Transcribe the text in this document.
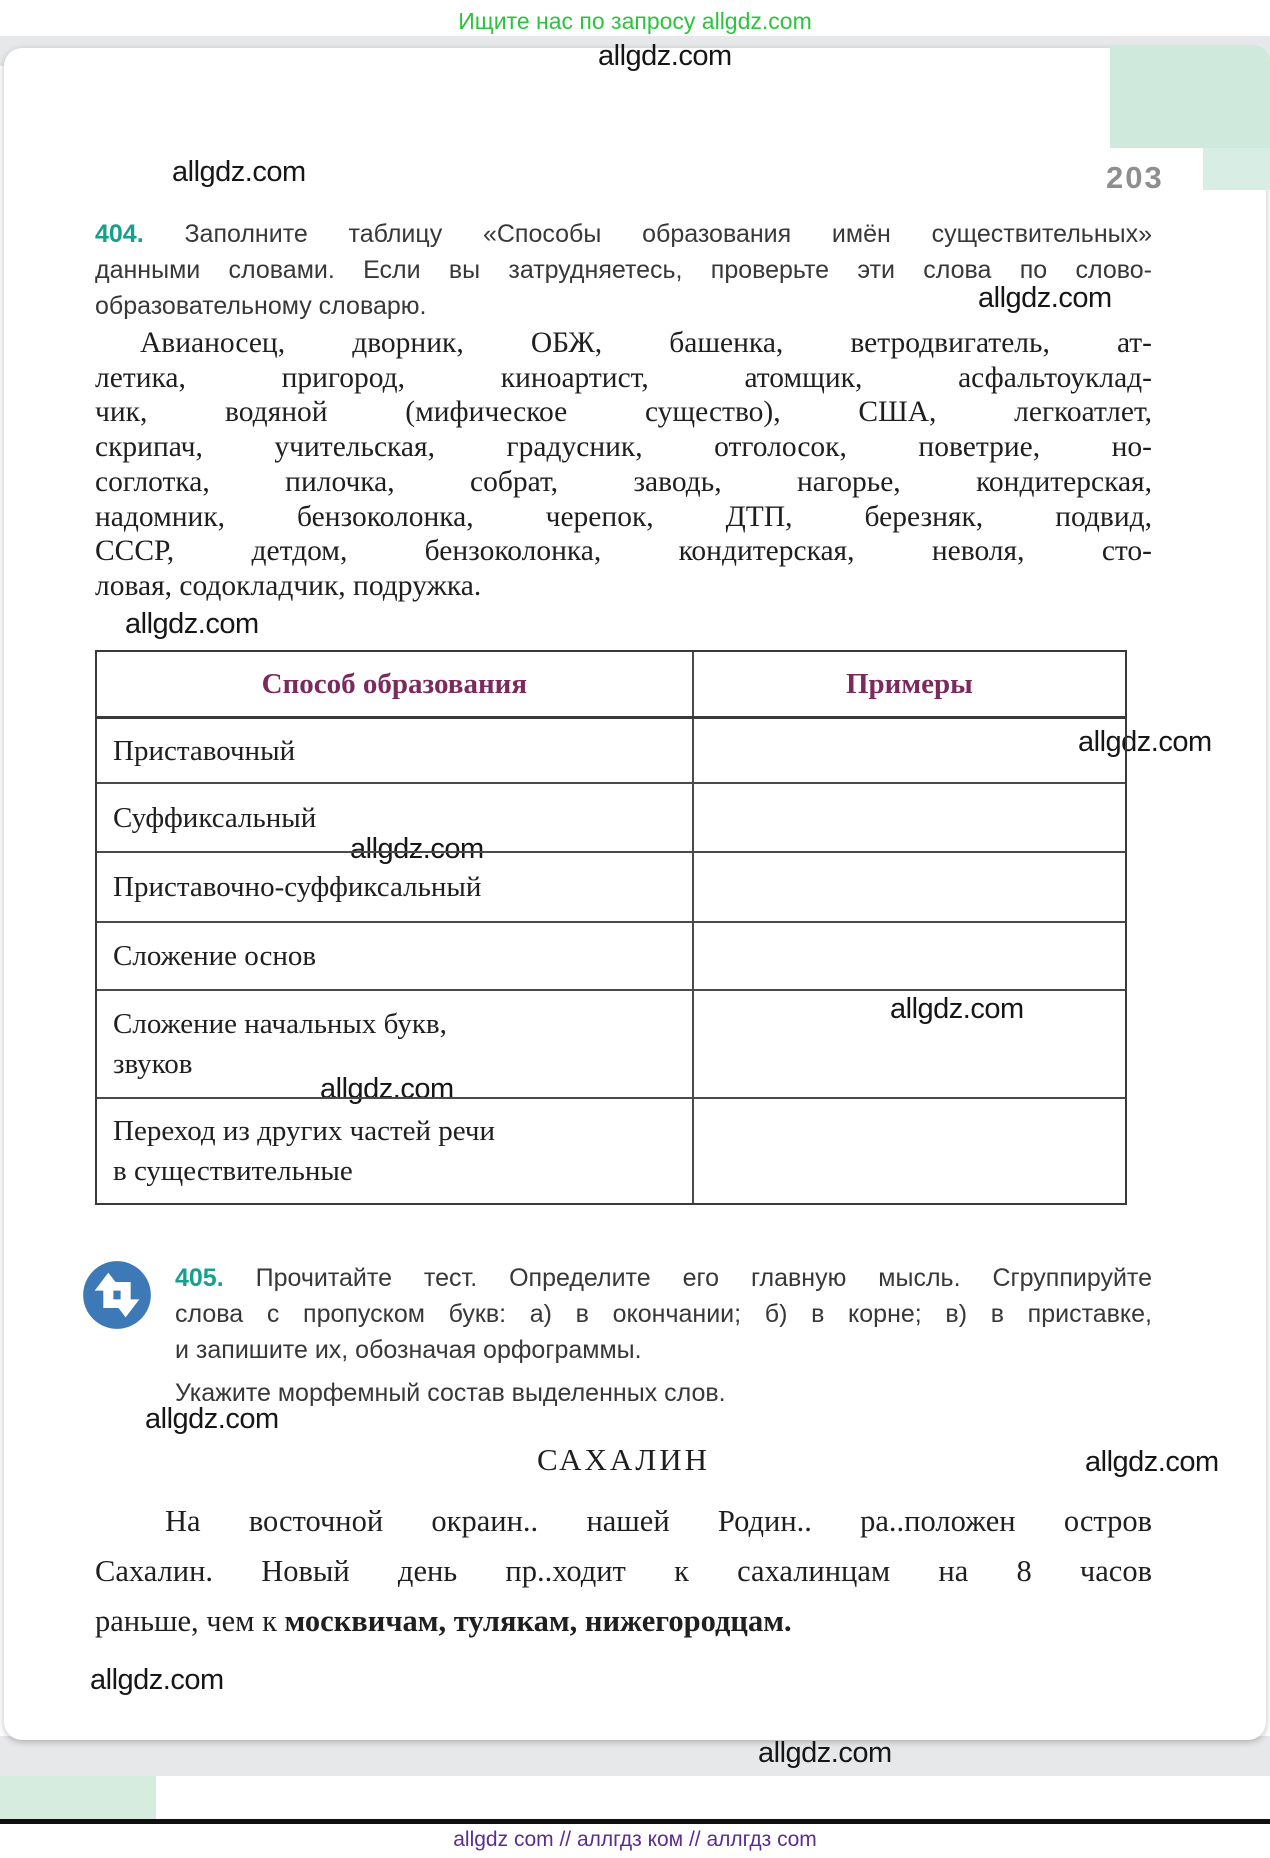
Ищите нас по запросу allgdz.com
203
allgdz.com
allgdz.com
allgdz.com
allgdz.com
allgdz.com
allgdz.com
allgdz.com
allgdz.com
allgdz.com
allgdz.com
allgdz.com
allgdz.com
404. Заполните таблицу «Способы образования имён существительных»
данными словами. Если вы затрудняетесь, проверьте эти слова по слово-
образовательному словарю.
Авианосец, дворник, ОБЖ, башенка, ветродвигатель, ат-
летика, пригород, киноартист, атомщик, асфальтоуклад-
чик, водяной (мифическое существо), США, легкоатлет,
скрипач, учительская, градусник, отголосок, поветрие, но-
соглотка, пилочка, собрат, заводь, нагорье, кондитерская,
надомник, бензоколонка, черепок, ДТП, березняк, подвид,
СССР, детдом, бензоколонка, кондитерская, неволя, сто-
ловая, содокладчик, подружка.
Способ образования	Примеры
Приставочный
Суффиксальный
Приставочно-суффиксальный
Сложение основ
Сложение начальных букв,
звуков
Переход из других частей речи
в существительные
405. Прочитайте тест. Определите его главную мысль. Сгруппируйте
слова с пропуском букв: а) в окончании; б) в корне; в) в приставке,
и запишите их, обозначая орфограммы.
Укажите морфемный состав выделенных слов.
САХАЛИН
На восточной окраин.. нашей Родин.. ра..положен остров
Сахалин. Новый день пр..ходит к сахалинцам на 8 часов
раньше, чем к москвичам, тулякам, нижегородцам.
allgdz com // аллгдз ком // аллгдз com
